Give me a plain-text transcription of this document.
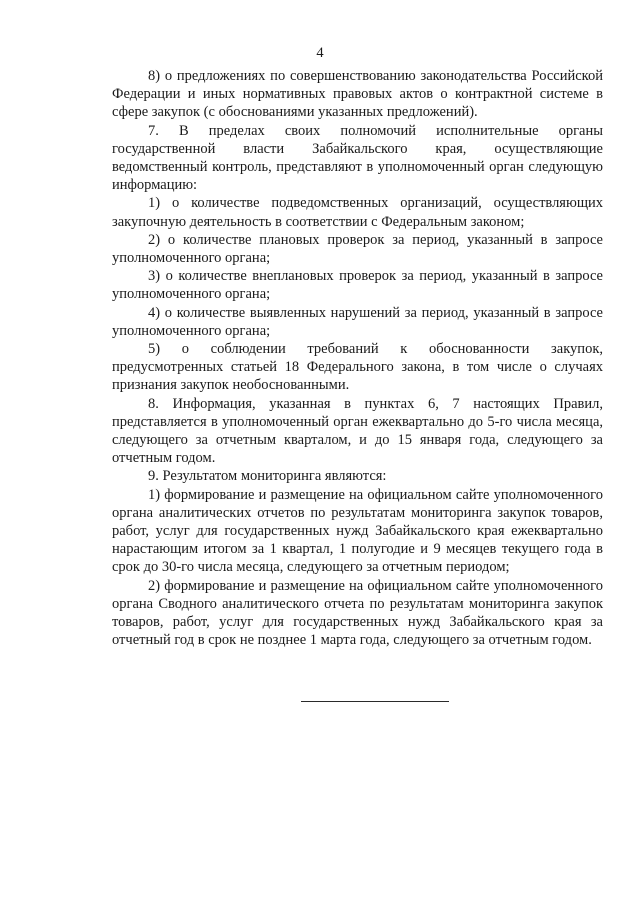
4

8) о предложениях по совершенствованию законодательства Российской Федерации и иных нормативных правовых актов о контрактной системе в сфере закупок (с обоснованиями указанных предложений).

7. В пределах своих полномочий исполнительные органы государственной власти Забайкальского края, осуществляющие ведомственный контроль, представляют в уполномоченный орган следующую информацию:

1) о количестве подведомственных организаций, осуществляющих закупочную деятельность в соответствии с Федеральным законом;

2) о количестве плановых проверок за период, указанный в запросе уполномоченного органа;

3) о количестве внеплановых проверок за период, указанный в запросе уполномоченного органа;

4) о количестве выявленных нарушений за период, указанный в запросе уполномоченного органа;

5) о соблюдении требований к обоснованности закупок, предусмотренных статьей 18 Федерального закона, в том числе о случаях признания закупок необоснованными.

8. Информация, указанная в пунктах 6, 7 настоящих Правил, представляется в уполномоченный орган ежеквартально до 5-го числа месяца, следующего за отчетным кварталом, и до 15 января года, следующего за отчетным годом.

9. Результатом мониторинга являются:

1) формирование и размещение на официальном сайте уполномоченного органа аналитических отчетов по результатам мониторинга закупок товаров, работ, услуг для государственных нужд Забайкальского края ежеквартально нарастающим итогом за 1 квартал, 1 полугодие и 9 месяцев текущего года в срок до 30-го числа месяца, следующего за отчетным периодом;

2) формирование и размещение на официальном сайте уполномоченного органа Сводного аналитического отчета по результатам мониторинга закупок товаров, работ, услуг для государственных нужд Забайкальского края за отчетный год в срок не позднее 1 марта года, следующего за отчетным годом.
